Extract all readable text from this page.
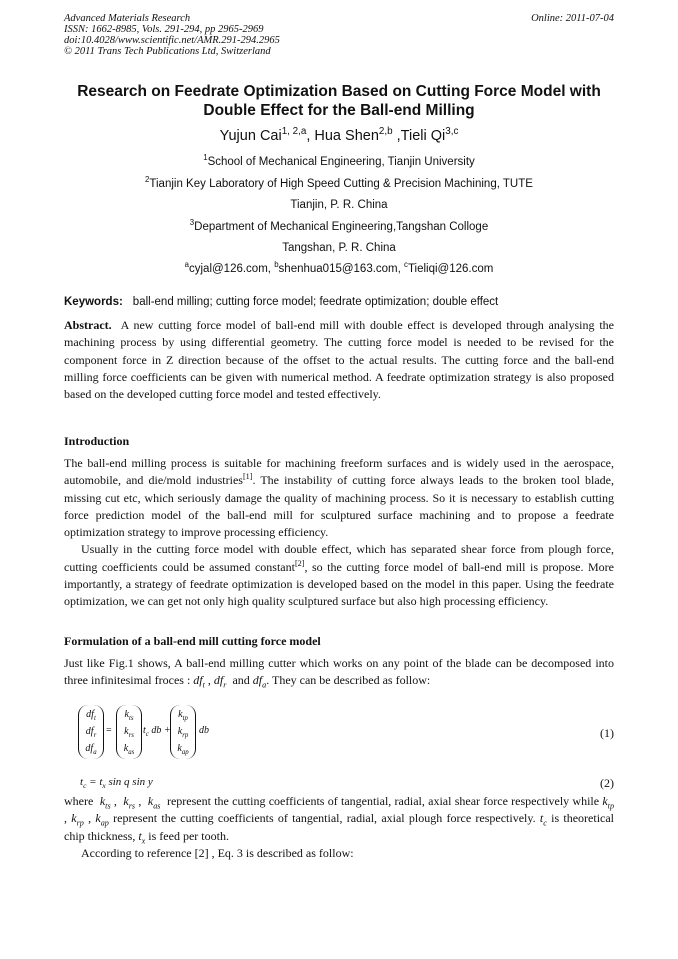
Advanced Materials Research
ISSN: 1662-8985, Vols. 291-294, pp 2965-2969
doi:10.4028/www.scientific.net/AMR.291-294.2965
© 2011 Trans Tech Publications Ltd, Switzerland
Online: 2011-07-04
Research on Feedrate Optimization Based on Cutting Force Model with
Double Effect for the Ball-end Milling
Yujun Cai$^{1, 2,a}$, Hua Shen$^{2,b}$ ,Tieli Qi$^{3,c}$
$^1$School of Mechanical Engineering, Tianjin University
$^2$Tianjin Key Laboratory of High Speed Cutting & Precision Machining, TUTE
Tianjin, P. R. China
$^3$Department of Mechanical Engineering,Tangshan Collоge
Tangshan, P. R. China
$^a$cyjal@126.com, $^b$shenhua015@163.com, $^c$Tieliqi@126.com
Keywords: ball-end milling; cutting force model; feedrate optimization; double effect

Abstract. A new cutting force model of ball-end mill with double effect is developed through analysing the machining process by using differential geometry. The cutting force model is needed to be revised for the component force in Z direction because of the offset to the actual results. The cutting force and the ball-end milling force coefficients can be given with numerical method. A feedrate optimization strategy is also proposed based on the developed cutting force model and tested effectively.

Introduction

The ball-end milling process is suitable for machining freeform surfaces and is widely used in the aerospace, automobile, and die/mold industries[1]. The instability of cutting force always leads to the broken tool blade, missing cut etc, which seriously damage the quality of machining process. So it is necessary to establish cutting force prediction model of the ball-end mill for sculptured surface machining and to propose a feedrate optimization strategy to improve processing efficiency.

Usually in the cutting force model with double effect, which has separated shear force from plough force, cutting coefficients could be assumed constant[2], so the cutting force model of ball-end mill is propose. More importantly, a strategy of feedrate optimization is developed based on the model in this paper. Using the feedrate optimization, we can get not only high quality sculptured surface but also high processing efficiency.

Formulation of a ball-end mill cutting force model

Just like Fig.1 shows, A ball-end milling cutter which works on any point of the blade can be decomposed into three infinitesimal froces : $df_t$ , $df_r$  and $df_a$. They can be described as follow:

$df_t$
$df_r$
$df_a$
=
$k_{ts}$
$k_{rs}$
$k_{as}$
$t_c$ db +
$k_{tp}$
$k_{rp}$
$k_{ap}$
db	(1)
$t_c = t_x$ sin q sin y	(2)

where $k_{ts}$ ,  $k_{rs}$ ,  $k_{as}$ represent the cutting coefficients of tangential, radial, axial shear force respectively while $k_{tp}$ , $k_{rp}$ , $k_{ap}$ represent the cutting coefficients of tangential, radial, axial plough force respectively. $t_c$ is theoretical chip thickness, $t_x$ is feed per tooth.

According to reference [2] , Eq. 3 is described as follow:
